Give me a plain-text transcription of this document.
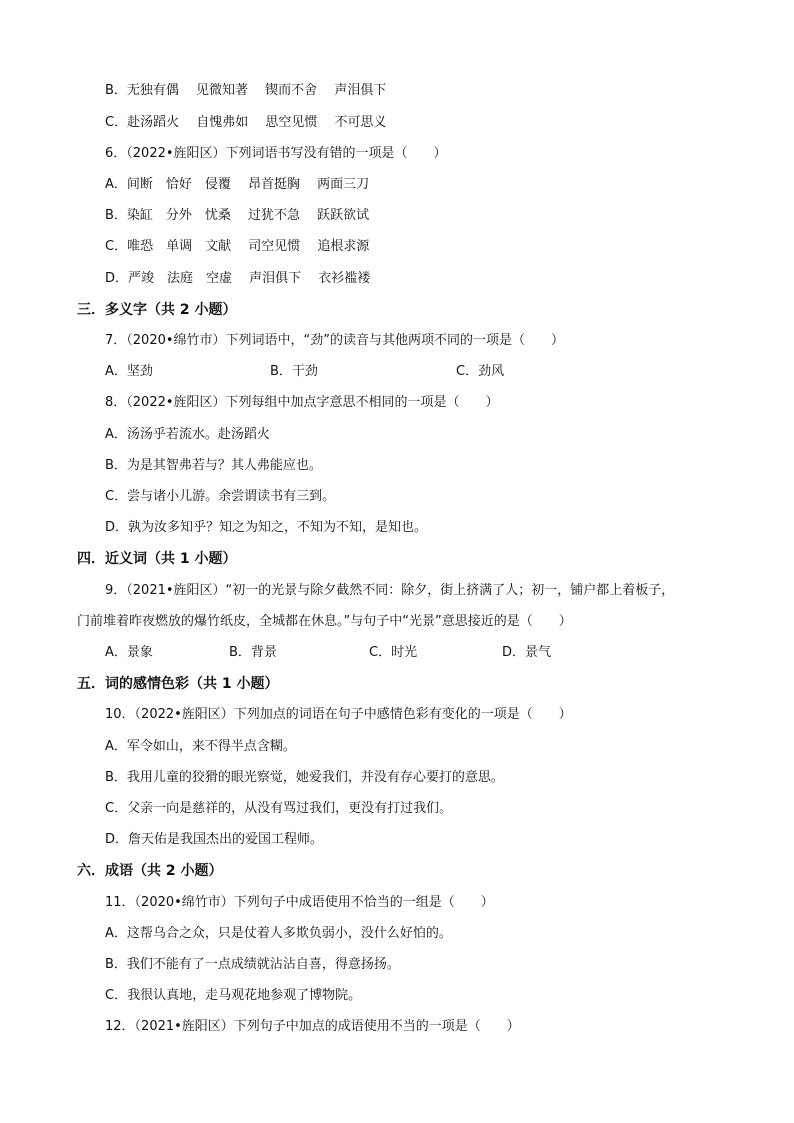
B．无独有偶　 见微知著　 锲而不舍　 声泪俱下
C．赴汤蹈火　 自愧弗如　 思空见惯　 不可思义
6．（2022•旌阳区）下列词语书写没有错的一项是（　　）
A．间断　恰好　侵覆　 昂首挺胸　 两面三刀
B．染缸　分外　忧桑　 过犹不急　 跃跃欲试
C．唯恐　单调　文献　 司空见惯　 追根求源
D．严竣　法庭　空虚　 声泪俱下　 衣衫褴褛
三．多义字（共 2 小题）
7．（2020•绵竹市）下列词语中，“劲”的读音与其他两项不同的一项是（　　）
A．坚劲	B．干劲	C．劲风
8．（2022•旌阳区）下列每组中加点字意思不相同的一项是（　　）
A．汤汤乎若流水。赴汤蹈火
B．为是其智弗若与？其人弗能应也。
C．尝与诸小儿游。余尝谓读书有三到。
D．孰为汝多知乎？知之为知之，不知为不知，是知也。
四．近义词（共 1 小题）
9．（2021•旌阳区）“初一的光景与除夕截然不同：除夕，街上挤满了人；初一，铺户都上着板子，
门前堆着昨夜燃放的爆竹纸皮，全城都在休息。”与句子中“光景”意思接近的是（　　）
A．景象	B．背景	C．时光	D．景气
五．词的感情色彩（共 1 小题）
10．（2022•旌阳区）下列加点的词语在句子中感情色彩有变化的一项是（　　）
A．军令如山，来不得半点含糊。
B．我用儿童的狡猾的眼光察觉，她爱我们，并没有存心要打的意思。
C．父亲一向是慈祥的，从没有骂过我们，更没有打过我们。
D．詹天佑是我国杰出的爱国工程师。
六．成语（共 2 小题）
11．（2020•绵竹市）下列句子中成语使用不恰当的一组是（　　）
A．这帮乌合之众，只是仗着人多欺负弱小，没什么好怕的。
B．我们不能有了一点成绩就沾沾自喜，得意扬扬。
C．我很认真地，走马观花地参观了博物院。
12．（2021•旌阳区）下列句子中加点的成语使用不当的一项是（　　）
